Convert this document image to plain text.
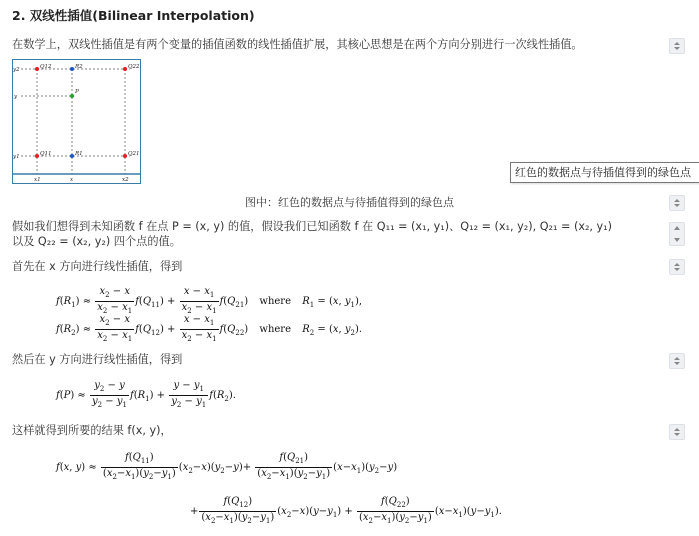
2. 双线性插值(Bilinear Interpolation)
在数学上，双线性插值是有两个变量的插值函数的线性插值扩展，其核心思想是在两个方向分别进行一次线性插值。
Q12	R2	Q22
P
Q11	R1	Q21
y2
y
y1
x1	x	x2
红色的数据点与待插值得到的绿色点
图中：红色的数据点与待插值得到的绿色点
假如我们想得到未知函数 f 在点 P = (x, y) 的值，假设我们已知函数 f 在 Q₁₁ = (x₁, y₁)、Q₁₂ = (x₁, y₂), Q₂₁ = (x₂, y₁)
以及 Q₂₂ = (x₂, y₂) 四个点的值。
首先在 x 方向进行线性插值，得到
$f(R_1) \approx \frac{x_2 - x}{x_2 - x_1} f(Q_{11}) + \frac{x - x_1}{x_2 - x_1} f(Q_{21})$ where $R_1 = (x$, $y_1$),
$f(R_2) \approx \frac{x_2 - x}{x_2 - x_1} f(Q_{12}) + \frac{x - x_1}{x_2 - x_1} f(Q_{22})$ where $R_2 = (x$, $y_2$).
然后在 y 方向进行线性插值，得到
$f(P) \approx \frac{y_2 - y}{y_2 - y_1} f(R_1) + \frac{y - y_1}{y_2 - y_1} f(R_2)$.
这样就得到所要的结果 f(x, y)，
f(x, $y) \approx \frac{f(Q_{11})}{(x_2-x_1)(y_2-y_1)} (x_2-x)(y_2-y)+ \frac{f(Q_{21})}{(x_2-x_1)(y_2-y_1)} (x-x_1)(y_2-y)$
+ $\frac{f(Q_{12})}{(x_2-x_1)(y_2-y_1)} (x_2-x)(y-y_1) + \frac{f(Q_{22})}{(x_2-x_1)(y_2-y_1)} (x-x_1)(y-y_1)$.
